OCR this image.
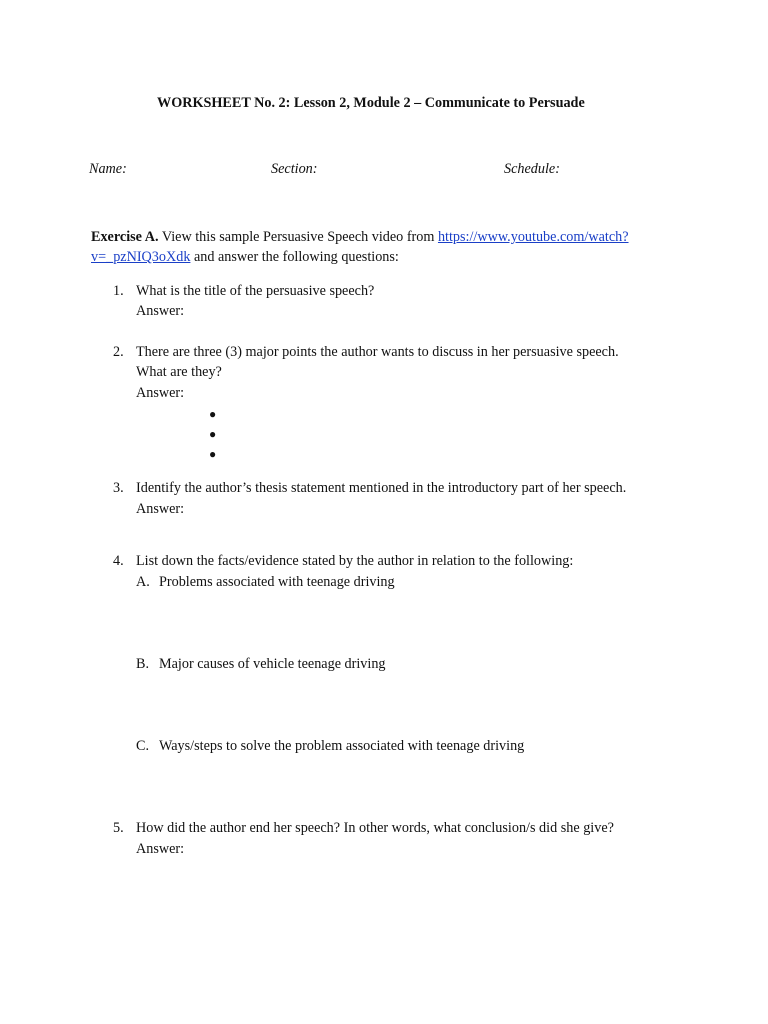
WORKSHEET No. 2: Lesson 2, Module 2 – Communicate to Persuade
Name:	Section:	Schedule:
Exercise A. View this sample Persuasive Speech video from https://www.youtube.com/watch?
v=_pzNIQ3oXdk and answer the following questions:
1. What is the title of the persuasive speech?
Answer:
2. There are three (3) major points the author wants to discuss in her persuasive speech.
What are they?
Answer:
●
●
●
3. Identify the author’s thesis statement mentioned in the introductory part of her speech.
Answer:
4. List down the facts/evidence stated by the author in relation to the following:
A. Problems associated with teenage driving
B. Major causes of vehicle teenage driving
C. Ways/steps to solve the problem associated with teenage driving
5. How did the author end her speech? In other words, what conclusion/s did she give?
Answer:
